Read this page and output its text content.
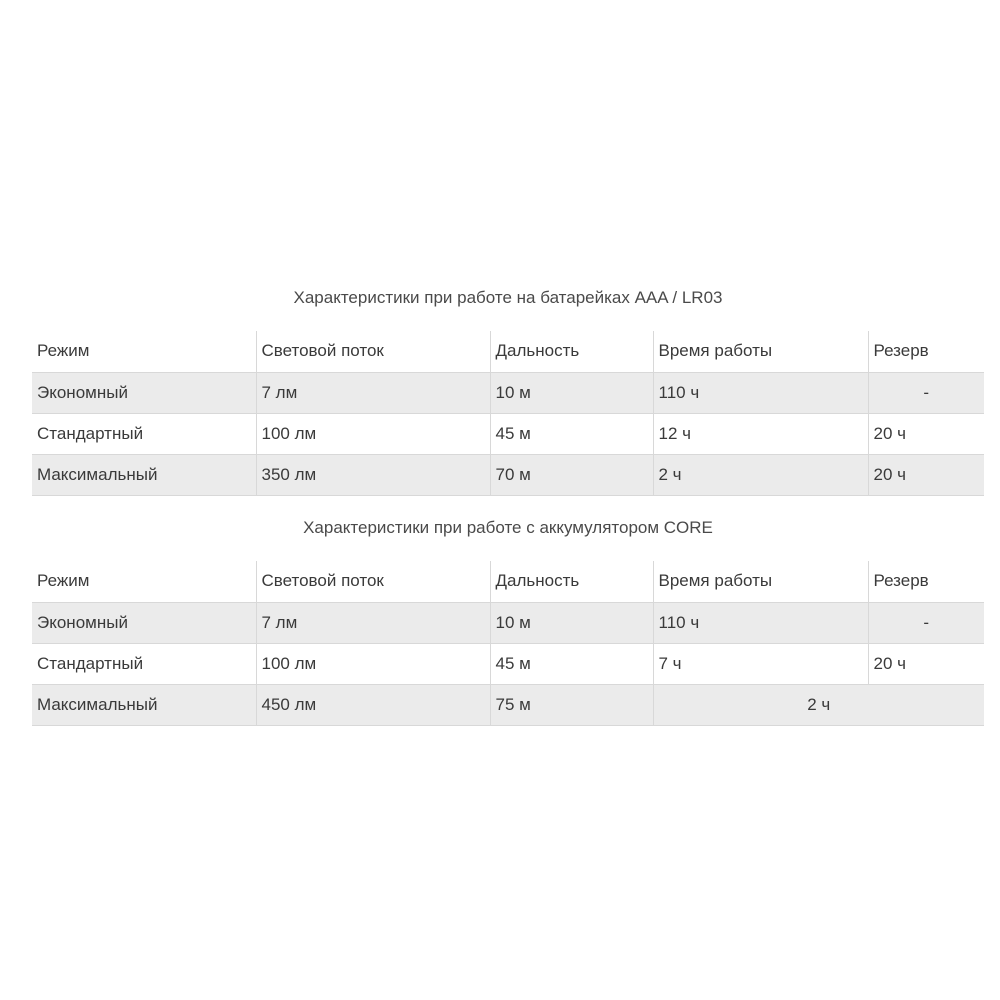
Характеристики при работе на батарейках AAA / LR03
Режим	Световой поток	Дальность	Время работы	Резерв
Экономный	7 лм	10 м	110 ч	-
Стандартный	100 лм	45 м	12 ч	20 ч
Максимальный	350 лм	70 м	2 ч	20 ч
Характеристики при работе с аккумулятором CORE
Режим	Световой поток	Дальность	Время работы	Резерв
Экономный	7 лм	10 м	110 ч	-
Стандартный	100 лм	45 м	7 ч	20 ч
Максимальный	450 лм	75 м	2 ч	
